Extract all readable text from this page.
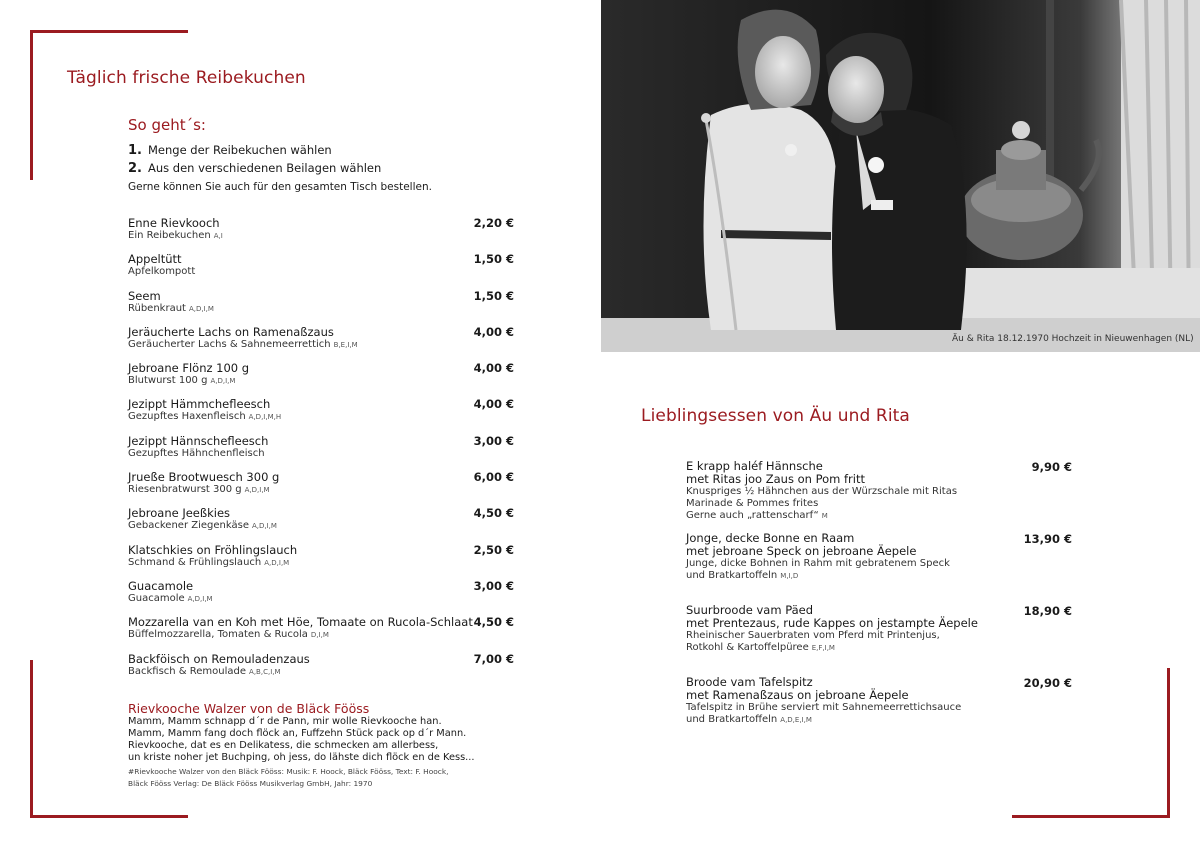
Täglich frische Reibekuchen
So geht´s:
1. Menge der Reibekuchen wählen
2. Aus den verschiedenen Beilagen wählen
Gerne können Sie auch für den gesamten Tisch bestellen.
Enne Rievkooch
Ein Reibekuchen A,I
2,20 €
Appeltütt
Apfelkompott
1,50 €
Seem
Rübenkraut A,D,I,M
1,50 €
Jeräucherte Lachs on Ramenaßzaus
Geräucherter Lachs & Sahnemeerrettich B,E,I,M
4,00 €
Jebroane Flönz 100 g
Blutwurst 100 g A,D,I,M
4,00 €
Jezippt Hämmchefleesch
Gezupftes Haxenfleisch A,D,I,M,H
4,00 €
Jezippt Hännschefleesch
Gezupftes Hähnchenfleisch
3,00 €
Jrueße Brootwuesch 300 g
Riesenbratwurst 300 g A,D,I,M
6,00 €
Jebroane Jeeßkies
Gebackener Ziegenkäse A,D,I,M
4,50 €
Klatschkies on Fröhlingslauch
Schmand & Frühlingslauch A,D,I,M
2,50 €
Guacamole
Guacamole A,D,I,M
3,00 €
Mozzarella van en Koh met Höe, Tomaate on Rucola-Schlaat
Büffelmozzarella, Tomaten & Rucola D,I,M
4,50 €
Backföisch on Remouladenzaus
Backfisch & Remoulade A,B,C,I,M
7,00 €
Rievkooche Walzer von de Bläck Fööss
Mamm, Mamm schnapp d´r de Pann, mir wolle Rievkooche han.
Mamm, Mamm fang doch flöck an, Fuffzehn Stück pack op d´r Mann.
Rievkooche, dat es en Delikatess, die schmecken am allerbess,
un kriste noher jet Buchping, oh jess, do lähste dich flöck en de Kess...
#Rievkooche Walzer von den Bläck Fööss: Musik: F. Hoock, Bläck Fööss, Text: F. Hoock,
Bläck Fööss Verlag: De Bläck Fööss Musikverlag GmbH, Jahr: 1970
Äu & Rita 18.12.1970 Hochzeit in Nieuwenhagen (NL)
Lieblingsessen von Äu und Rita
E krapp haléf Hännsche
met Ritas joo Zaus on Pom fritt
Knuspriges ½ Hähnchen aus der Würzschale mit Ritas
Marinade & Pommes frites
Gerne auch „rattenscharf“ M
9,90 €
Jonge, decke Bonne en Raam
met jebroane Speck on jebroane Äepele
Junge, dicke Bohnen in Rahm mit gebratenem Speck
und Bratkartoffeln M,I,D
13,90 €
Suurbroode vam Päed
met Prentezaus, rude Kappes on jestampte Äepele
Rheinischer Sauerbraten vom Pferd mit Printenjus,
Rotkohl & Kartoffelpüree E,F,I,M
18,90 €
Broode vam Tafelspitz
met Ramenaßzaus on jebroane Äepele
Tafelspitz in Brühe serviert mit Sahnemeerrettichsauce
und Bratkartoffeln A,D,E,I,M
20,90 €
